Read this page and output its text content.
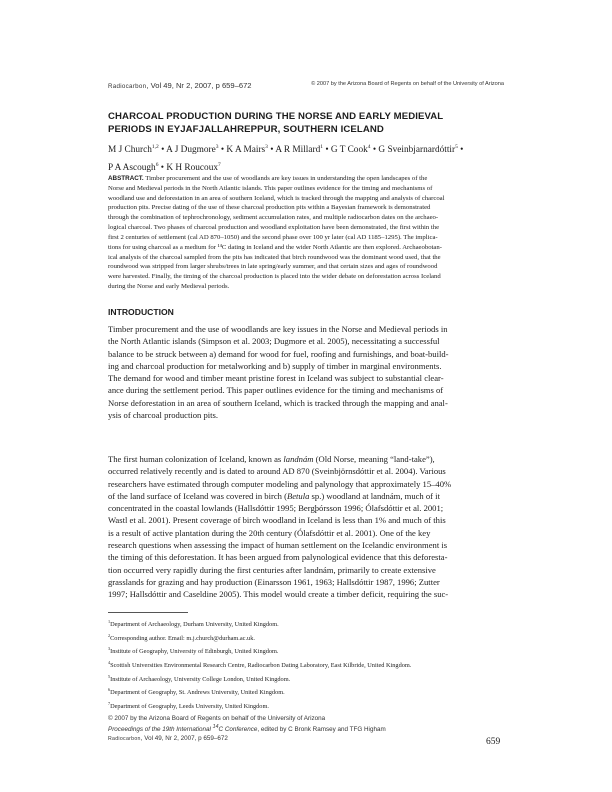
Radiocarbon, Vol 49, Nr 2, 2007, p 659–672	© 2007 by the Arizona Board of Regents on behalf of the University of Arizona
CHARCOAL PRODUCTION DURING THE NORSE AND EARLY MEDIEVAL
PERIODS IN EYJAFJALLAHREPPUR, SOUTHERN ICELAND
M J Church$^{1,2}$ • A J Dugmore$^3$ • K A Mairs$^3$ • A R Millard$^1$ • G T Cook$^4$ • G Sveinbjarnardóttir$^5$ •
P A Ascough$^6$ • K H Roucoux$^7$
ABSTRACT. Timber procurement and the use of woodlands are key issues in understanding the open landscapes of the
Norse and Medieval periods in the North Atlantic islands. This paper outlines evidence for the timing and mechanisms of
woodland use and deforestation in an area of southern Iceland, which is tracked through the mapping and analysis of charcoal
production pits. Precise dating of the use of these charcoal production pits within a Bayesian framework is demonstrated
through the combination of tephrochronology, sediment accumulation rates, and multiple radiocarbon dates on the archaeo-
logical charcoal. Two phases of charcoal production and woodland exploitation have been demonstrated, the first within the
first 2 centuries of settlement (cal AD 870–1050) and the second phase over 100 yr later (cal AD 1185–1295). The implica-
tions for using charcoal as a medium for ¹⁴C dating in Iceland and the wider North Atlantic are then explored. Archaeobotan-
ical analysis of the charcoal sampled from the pits has indicated that birch roundwood was the dominant wood used, that the
roundwood was stripped from larger shrubs/trees in late spring/early summer, and that certain sizes and ages of roundwood
were harvested. Finally, the timing of the charcoal production is placed into the wider debate on deforestation across Iceland
during the Norse and early Medieval periods.
INTRODUCTION
Timber procurement and the use of woodlands are key issues in the Norse and Medieval periods in
the North Atlantic islands (Simpson et al. 2003; Dugmore et al. 2005), necessitating a successful
balance to be struck between a) demand for wood for fuel, roofing and furnishings, and boat-build-
ing and charcoal production for metalworking and b) supply of timber in marginal environments.
The demand for wood and timber meant pristine forest in Iceland was subject to substantial clear-
ance during the settlement period. This paper outlines evidence for the timing and mechanisms of
Norse deforestation in an area of southern Iceland, which is tracked through the mapping and anal-
ysis of charcoal production pits.
The first human colonization of Iceland, known as landnám (Old Norse, meaning “land-take”),
occurred relatively recently and is dated to around AD 870 (Sveinbjörnsdóttir et al. 2004). Various
researchers have estimated through computer modeling and palynology that approximately 15–40%
of the land surface of Iceland was covered in birch (Betula sp.) woodland at landnám, much of it
concentrated in the coastal lowlands (Hallsdóttir 1995; Bergþórsson 1996; Ólafsdóttir et al. 2001;
Wastl et al. 2001). Present coverage of birch woodland in Iceland is less than 1% and much of this
is a result of active plantation during the 20th century (Ólafsdóttir et al. 2001). One of the key
research questions when assessing the impact of human settlement on the Icelandic environment is
the timing of this deforestation. It has been argued from palynological evidence that this deforesta-
tion occurred very rapidly during the first centuries after landnám, primarily to create extensive
grasslands for grazing and hay production (Einarsson 1961, 1963; Hallsdóttir 1987, 1996; Zutter
1997; Hallsdóttir and Caseldine 2005). This model would create a timber deficit, requiring the suc-
$^1$Department of Archaeology, Durham University, United Kingdom.
$^2$Corresponding author. Email: m.j.church@durham.ac.uk.
$^3$Institute of Geography, University of Edinburgh, United Kingdom.
$^4$Scottish Universities Environmental Research Centre, Radiocarbon Dating Laboratory, East Kilbride, United Kingdom.
$^5$Institute of Archaeology, University College London, United Kingdom.
$^6$Department of Geography, St. Andrews University, United Kingdom.
$^7$Department of Geography, Leeds University, United Kingdom.
© 2007 by the Arizona Board of Regents on behalf of the University of Arizona
Proceedings of the 19th International $^{14}$C Conference, edited by C Bronk Ramsey and TFG Higham
Radiocarbon, Vol 49, Nr 2, 2007, p 659–672	659
